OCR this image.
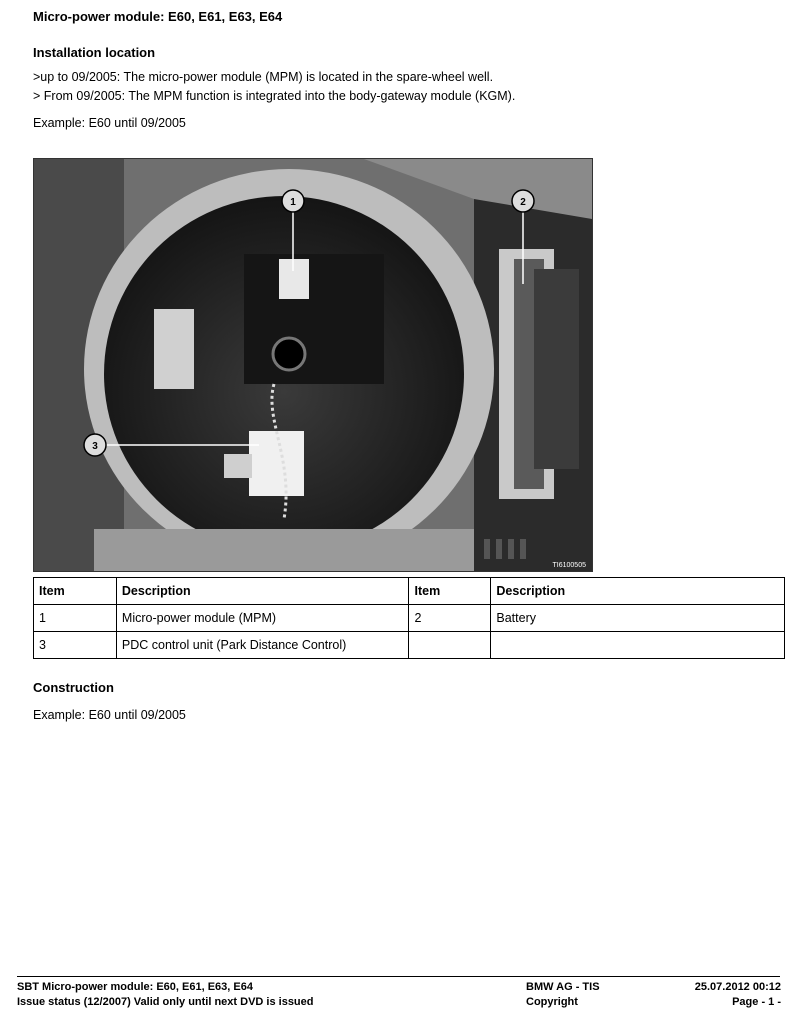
Micro-power module: E60, E61, E63, E64
Installation location
>up to 09/2005: The micro-power module (MPM) is located in the spare-wheel well.
> From 09/2005: The MPM function is integrated into the body-gateway module (KGM).
Example: E60 until 09/2005
1	2
3
TI6100505
Item	Description	Item	Description
1	Micro-power module (MPM)	2	Battery
3	PDC control unit (Park Distance Control)		
Construction
Example: E60 until 09/2005
SBT Micro-power module: E60, E61, E63, E64
Issue status (12/2007) Valid only until next DVD is issued
BMW AG - TIS
Copyright
25.07.2012 00:12
Page - 1 -
